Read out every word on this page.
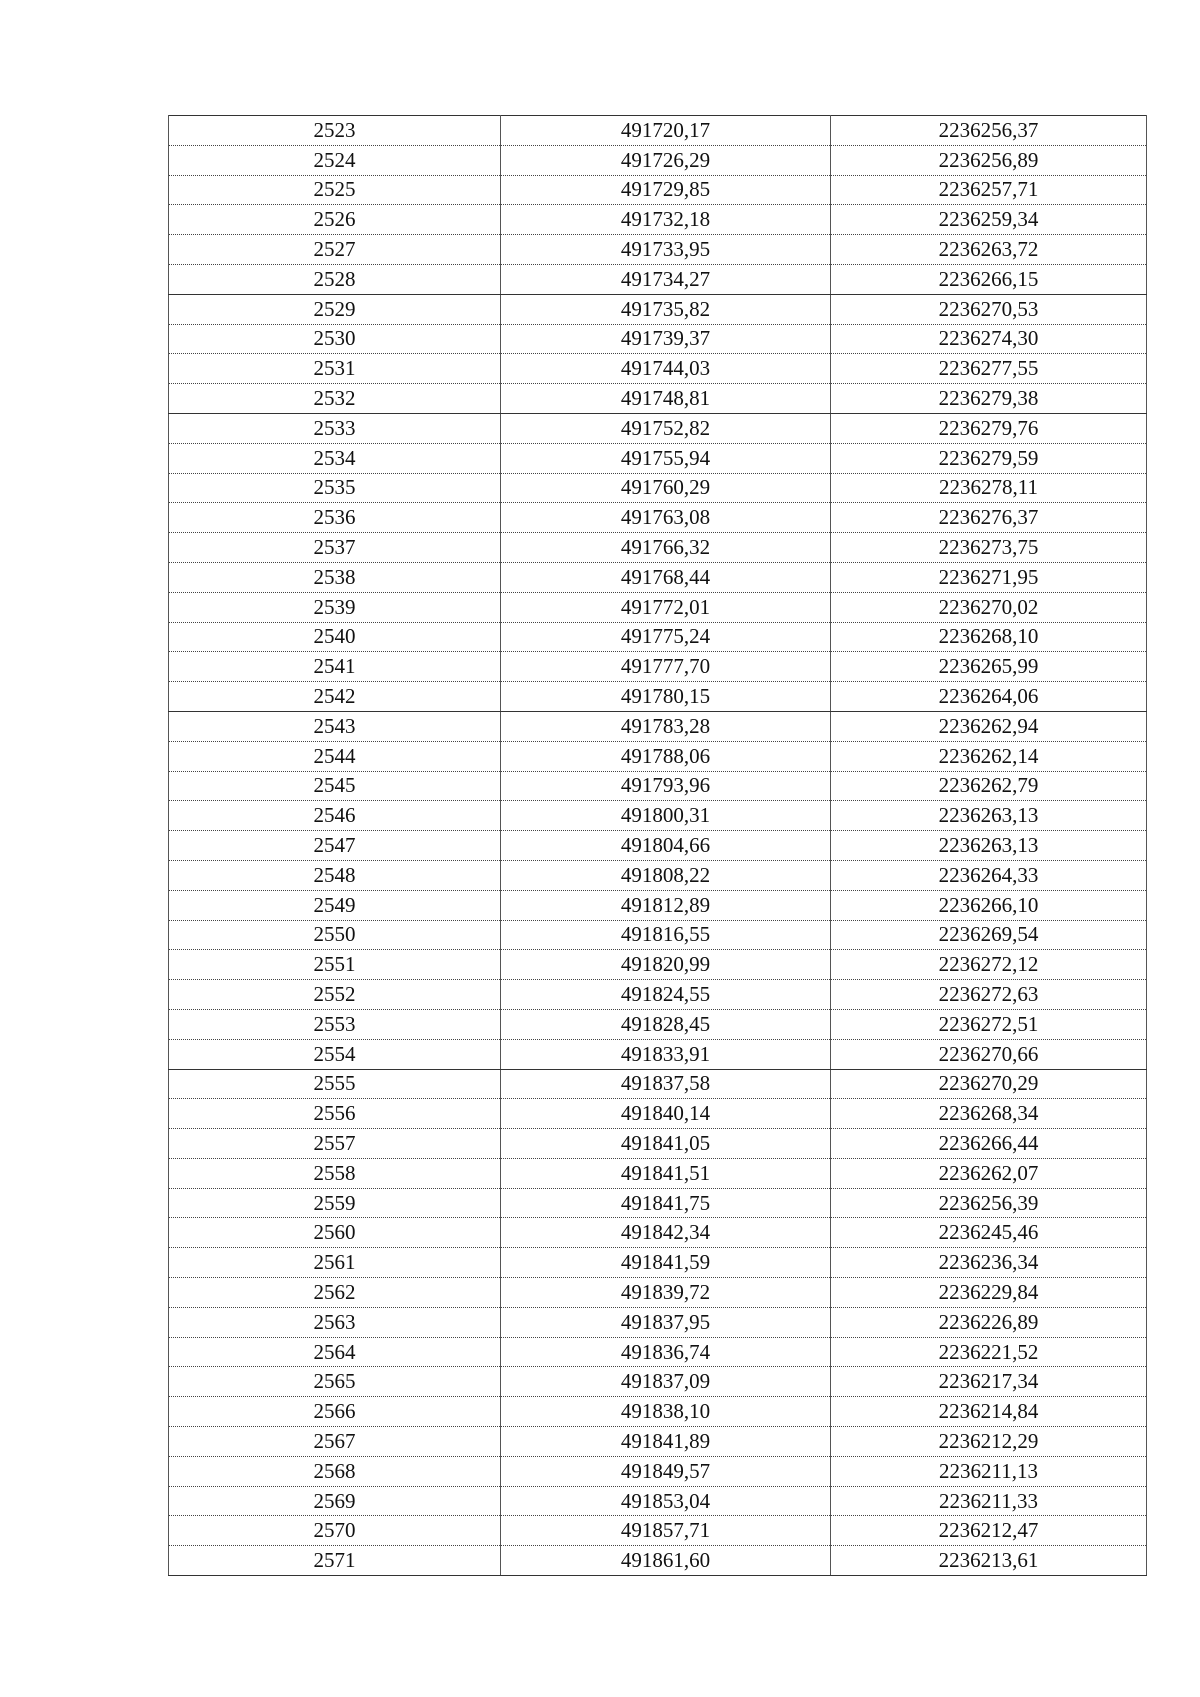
2523	491720,17	2236256,37
2524	491726,29	2236256,89
2525	491729,85	2236257,71
2526	491732,18	2236259,34
2527	491733,95	2236263,72
2528	491734,27	2236266,15
2529	491735,82	2236270,53
2530	491739,37	2236274,30
2531	491744,03	2236277,55
2532	491748,81	2236279,38
2533	491752,82	2236279,76
2534	491755,94	2236279,59
2535	491760,29	2236278,11
2536	491763,08	2236276,37
2537	491766,32	2236273,75
2538	491768,44	2236271,95
2539	491772,01	2236270,02
2540	491775,24	2236268,10
2541	491777,70	2236265,99
2542	491780,15	2236264,06
2543	491783,28	2236262,94
2544	491788,06	2236262,14
2545	491793,96	2236262,79
2546	491800,31	2236263,13
2547	491804,66	2236263,13
2548	491808,22	2236264,33
2549	491812,89	2236266,10
2550	491816,55	2236269,54
2551	491820,99	2236272,12
2552	491824,55	2236272,63
2553	491828,45	2236272,51
2554	491833,91	2236270,66
2555	491837,58	2236270,29
2556	491840,14	2236268,34
2557	491841,05	2236266,44
2558	491841,51	2236262,07
2559	491841,75	2236256,39
2560	491842,34	2236245,46
2561	491841,59	2236236,34
2562	491839,72	2236229,84
2563	491837,95	2236226,89
2564	491836,74	2236221,52
2565	491837,09	2236217,34
2566	491838,10	2236214,84
2567	491841,89	2236212,29
2568	491849,57	2236211,13
2569	491853,04	2236211,33
2570	491857,71	2236212,47
2571	491861,60	2236213,61
